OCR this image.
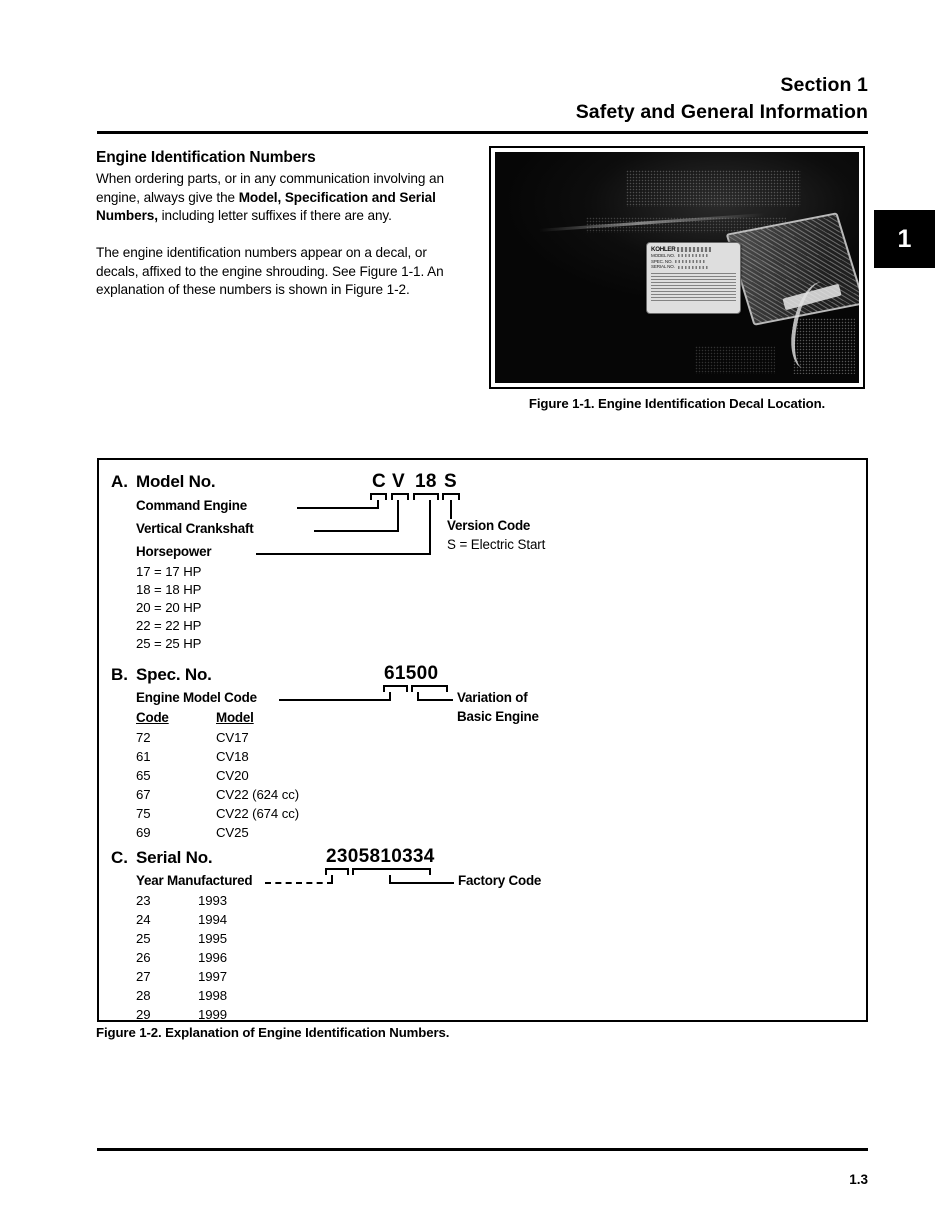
Section 1
Safety and General Information
1
Engine Identification Numbers

When ordering parts, or in any communication involving an engine, always give the Model, Specification and Serial Numbers, including letter suffixes if there are any.

The engine identification numbers appear on a decal, or decals, affixed to the engine shrouding. See Figure 1-1. An explanation of these numbers is shown in Figure 1-2.

KOHLER
MODEL NO.
SPEC. NO.
SERIAL NO.
Figure 1-1. Engine Identification Decal Location.
A. Model No.	C V 18 S
Command Engine
Vertical Crankshaft
Horsepower
Version Code
S = Electric Start
17 = 17 HP
18 = 18 HP
20 = 20 HP
22 = 22 HP
25 = 25 HP
B. Spec. No.	61500
Engine Model Code	Variation of
Basic Engine
Code	Model
72	CV17
61	CV18
65	CV20
67	CV22 (624 cc)
75	CV22 (674 cc)
69	CV25
C. Serial No.	2305810334
Year Manufactured	Factory Code
23	1993
24	1994
25	1995
26	1996
27	1997
28	1998
29	1999
Figure 1-2. Explanation of Engine Identification Numbers.
1.3
